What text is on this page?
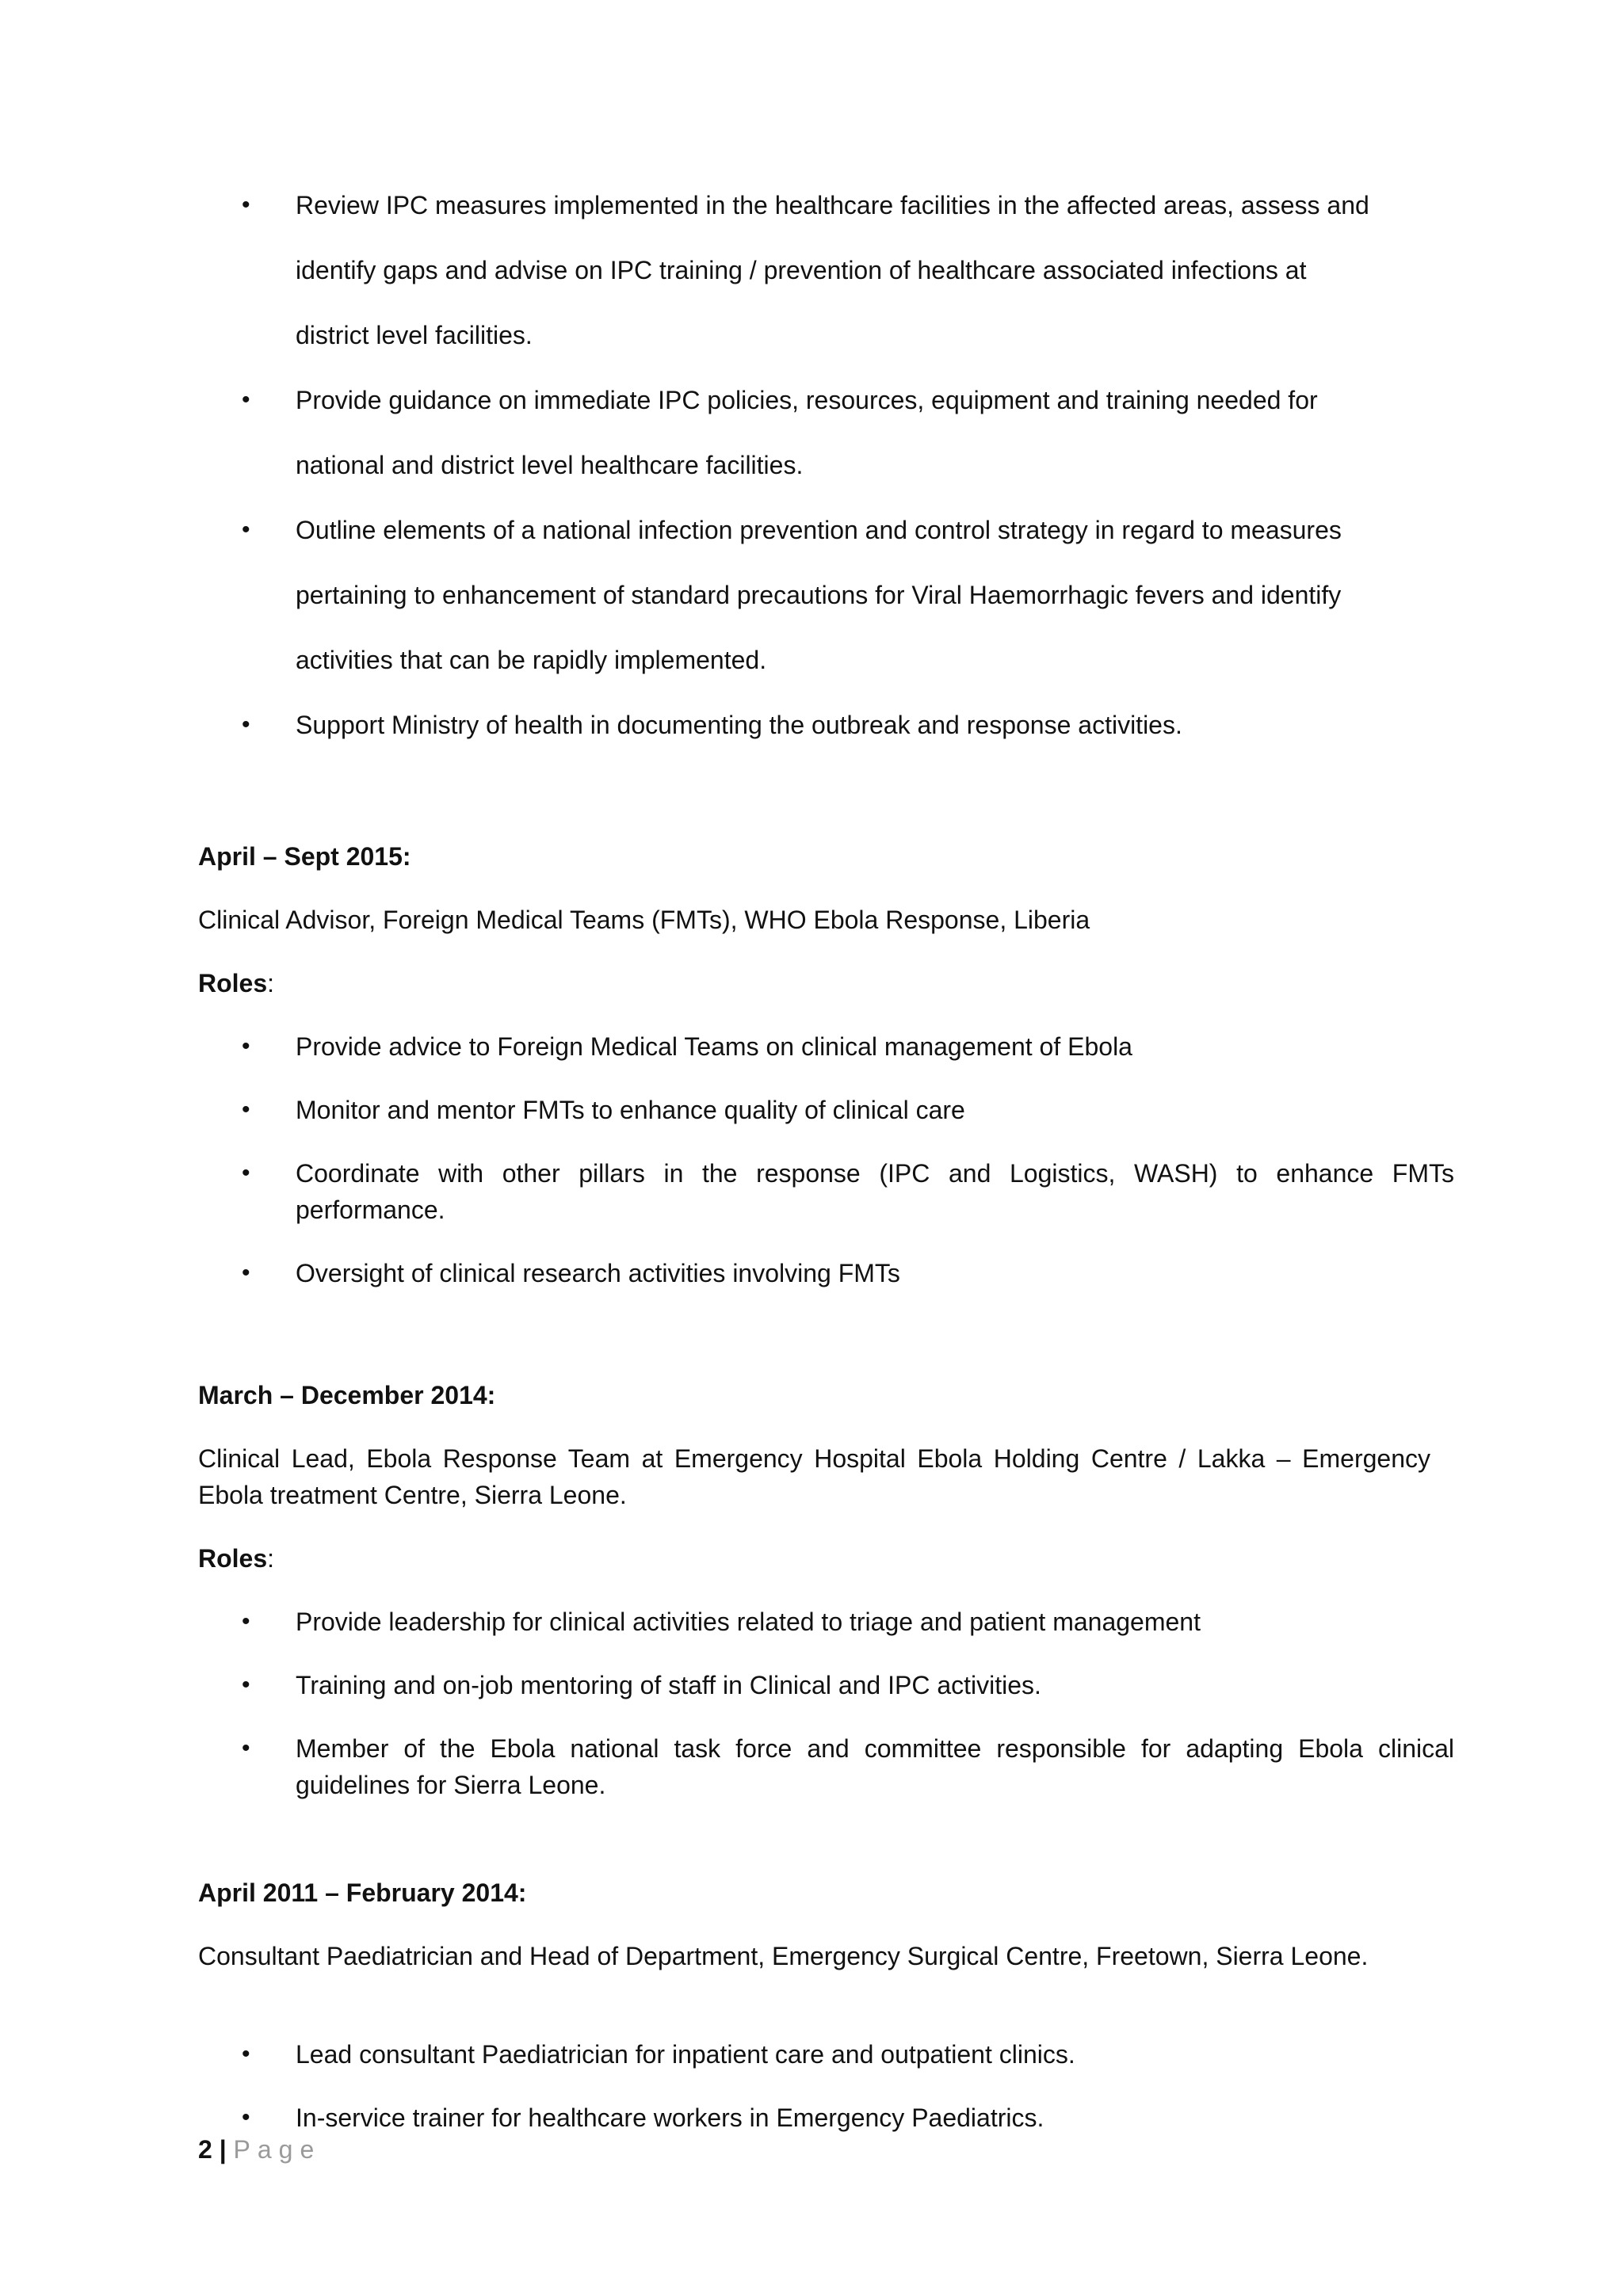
• Review IPC measures implemented in the healthcare facilities in the affected areas, assess and
identify gaps and advise on IPC training / prevention of healthcare associated infections at
district level facilities.
• Provide guidance on immediate IPC policies, resources, equipment and training needed for
national and district level healthcare facilities.
• Outline elements of a national infection prevention and control strategy in regard to measures
pertaining to enhancement of standard precautions for Viral Haemorrhagic fevers and identify
activities that can be rapidly implemented.
• Support Ministry of health in documenting the outbreak and response activities.

April – Sept 2015:

Clinical Advisor, Foreign Medical Teams (FMTs), WHO Ebola Response, Liberia

Roles:

• Provide advice to Foreign Medical Teams on clinical management of Ebola
• Monitor and mentor FMTs to enhance quality of clinical care
• Coordinate with other pillars in the response (IPC and Logistics, WASH) to enhance FMTs performance.
• Oversight of clinical research activities involving FMTs

March – December 2014:

Clinical Lead, Ebola Response Team at Emergency Hospital Ebola Holding Centre / Lakka – Emergency Ebola treatment Centre, Sierra Leone.

Roles:

• Provide leadership for clinical activities related to triage and patient management
• Training and on-job mentoring of staff in Clinical and IPC activities.
• Member of the Ebola national task force and committee responsible for adapting Ebola clinical guidelines for Sierra Leone.

April 2011 – February 2014:

Consultant Paediatrician and Head of Department, Emergency Surgical Centre, Freetown, Sierra Leone.

• Lead consultant Paediatrician for inpatient care and outpatient clinics.
• In-service trainer for healthcare workers in Emergency Paediatrics.
2 | Page
